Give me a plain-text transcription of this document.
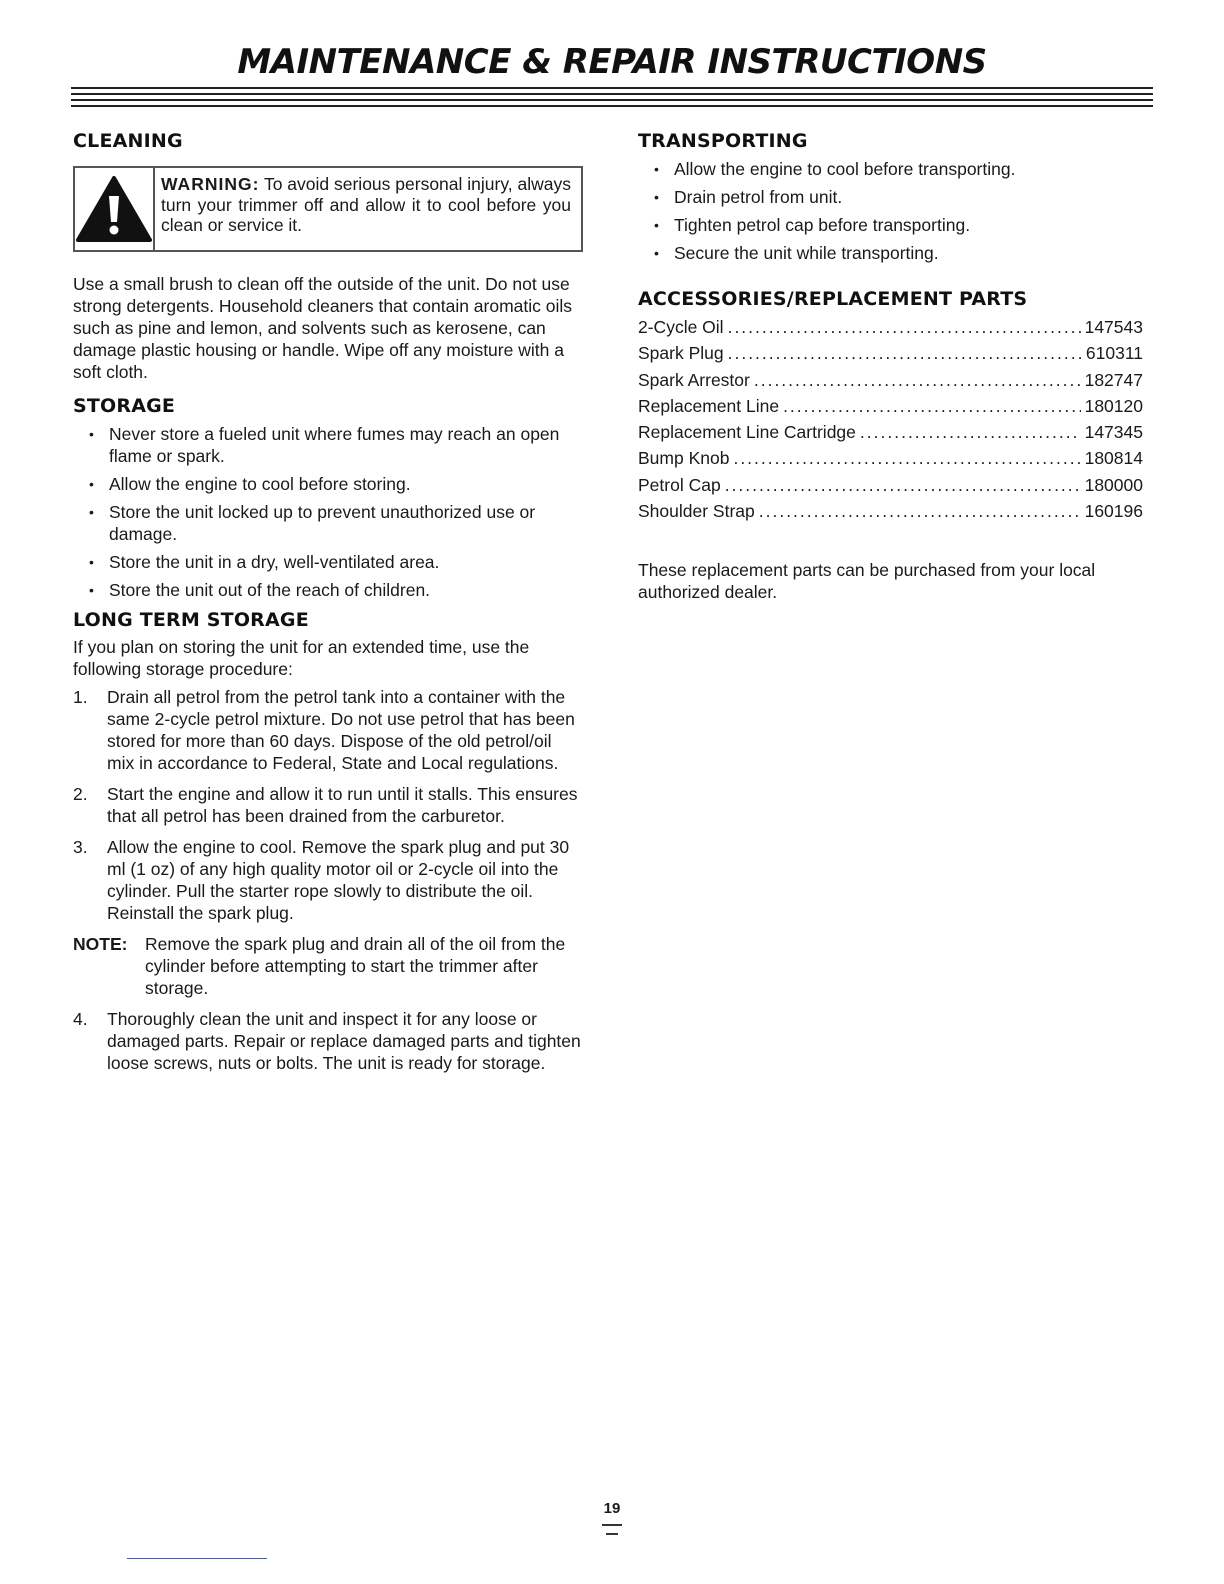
MAINTENANCE & REPAIR INSTRUCTIONS
CLEANING
WARNING: To avoid serious personal injury, always turn your trimmer off and allow it to cool before you clean or service it.

Use a small brush to clean off the outside of the unit. Do not use strong detergents. Household cleaners that contain aromatic oils such as pine and lemon, and solvents such as kerosene, can damage plastic housing or handle. Wipe off any moisture with a soft cloth.

STORAGE
• Never store a fueled unit where fumes may reach an open flame or spark.
• Allow the engine to cool before storing.
• Store the unit locked up to prevent unauthorized use or damage.
• Store the unit in a dry, well-ventilated area.
• Store the unit out of the reach of children.
LONG TERM STORAGE

If you plan on storing the unit for an extended time, use the following storage procedure:

1. Drain all petrol from the petrol tank into a container with the same 2-cycle petrol mixture. Do not use petrol that has been stored for more than 60 days. Dispose of the old petrol/oil mix in accordance to Federal, State and Local regulations.
2. Start the engine and allow it to run until it stalls. This ensures that all petrol has been drained from the carburetor.
3. Allow the engine to cool. Remove the spark plug and put 30 ml (1 oz) of any high quality motor oil or 2-cycle oil into the cylinder. Pull the starter rope slowly to distribute the oil. Reinstall the spark plug.
NOTE: Remove the spark plug and drain all of the oil from the cylinder before attempting to start the trimmer after storage.
4. Thoroughly clean the unit and inspect it for any loose or damaged parts. Repair or replace damaged parts and tighten loose screws, nuts or bolts. The unit is ready for storage.
TRANSPORTING
• Allow the engine to cool before transporting.
• Drain petrol from unit.
• Tighten petrol cap before transporting.
• Secure the unit while transporting.
ACCESSORIES/REPLACEMENT PARTS
2-Cycle Oil .....	147543
Spark Plug .....	610311
Spark Arrestor .....	182747
Replacement Line .....	180120
Replacement Line Cartridge .....	147345
Bump Knob .....	180814
Petrol Cap .....	180000
Shoulder Strap .....	160196

These replacement parts can be purchased from your local authorized dealer.

19
